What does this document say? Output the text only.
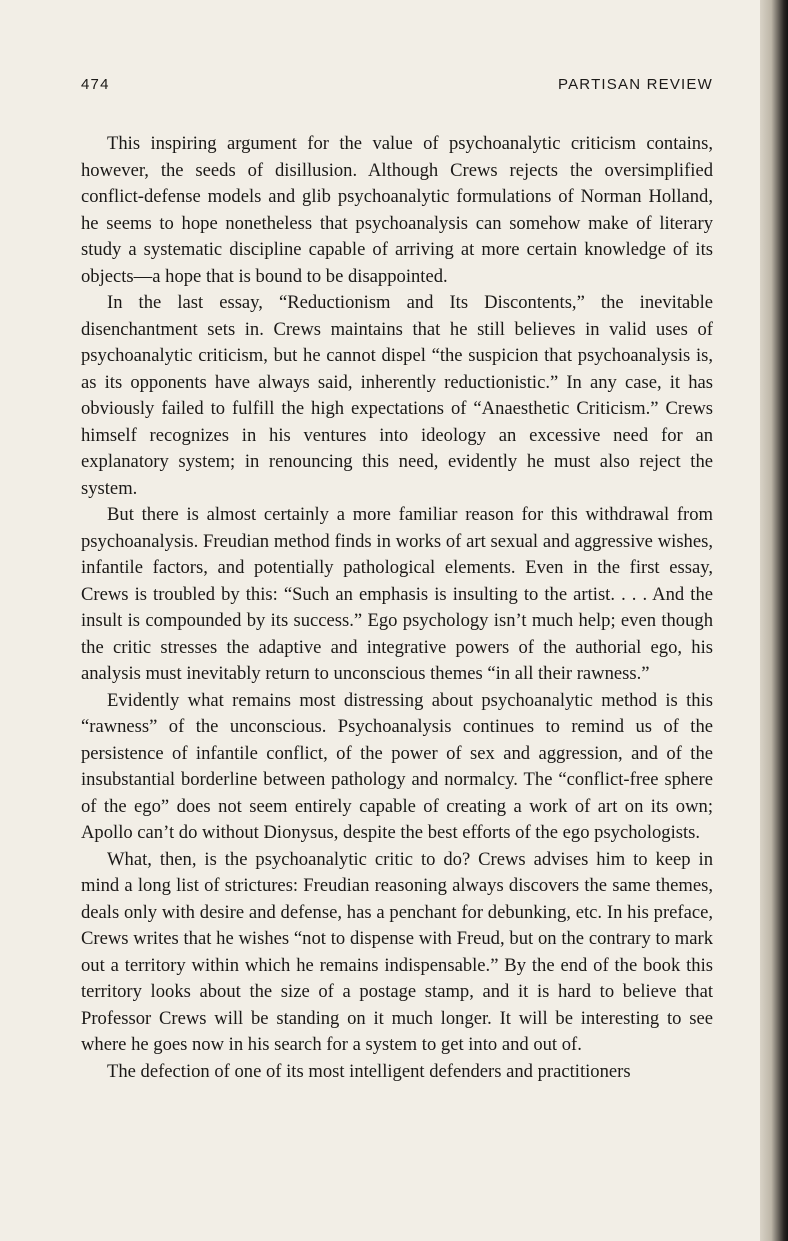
474	PARTISAN REVIEW

This inspiring argument for the value of psychoanalytic criticism contains, however, the seeds of disillusion. Although Crews rejects the oversimplified conflict-defense models and glib psychoanalytic formulations of Norman Holland, he seems to hope nonetheless that psychoanalysis can somehow make of literary study a systematic discipline capable of arriving at more certain knowledge of its objects—a hope that is bound to be disappointed.

In the last essay, “Reductionism and Its Discontents,” the inevitable disenchantment sets in. Crews maintains that he still believes in valid uses of psychoanalytic criticism, but he cannot dispel “the suspicion that psychoanalysis is, as its opponents have always said, inherently reductionistic.” In any case, it has obviously failed to fulfill the high expectations of “Anaesthetic Criticism.” Crews himself recognizes in his ventures into ideology an excessive need for an explanatory system; in renouncing this need, evidently he must also reject the system.

But there is almost certainly a more familiar reason for this withdrawal from psychoanalysis. Freudian method finds in works of art sexual and aggressive wishes, infantile factors, and potentially pathological elements. Even in the first essay, Crews is troubled by this: “Such an emphasis is insulting to the artist. . . . And the insult is compounded by its success.” Ego psychology isn’t much help; even though the critic stresses the adaptive and integrative powers of the authorial ego, his analysis must inevitably return to unconscious themes “in all their rawness.”

Evidently what remains most distressing about psychoanalytic method is this “rawness” of the unconscious. Psychoanalysis continues to remind us of the persistence of infantile conflict, of the power of sex and aggression, and of the insubstantial borderline between pathology and normalcy. The “conflict-free sphere of the ego” does not seem entirely capable of creating a work of art on its own; Apollo can’t do without Dionysus, despite the best efforts of the ego psychologists.

What, then, is the psychoanalytic critic to do? Crews advises him to keep in mind a long list of strictures: Freudian reasoning always discovers the same themes, deals only with desire and defense, has a penchant for debunking, etc. In his preface, Crews writes that he wishes “not to dispense with Freud, but on the contrary to mark out a territory within which he remains indispensable.” By the end of the book this territory looks about the size of a postage stamp, and it is hard to believe that Professor Crews will be standing on it much longer. It will be interesting to see where he goes now in his search for a system to get into and out of.

The defection of one of its most intelligent defenders and practitioners
